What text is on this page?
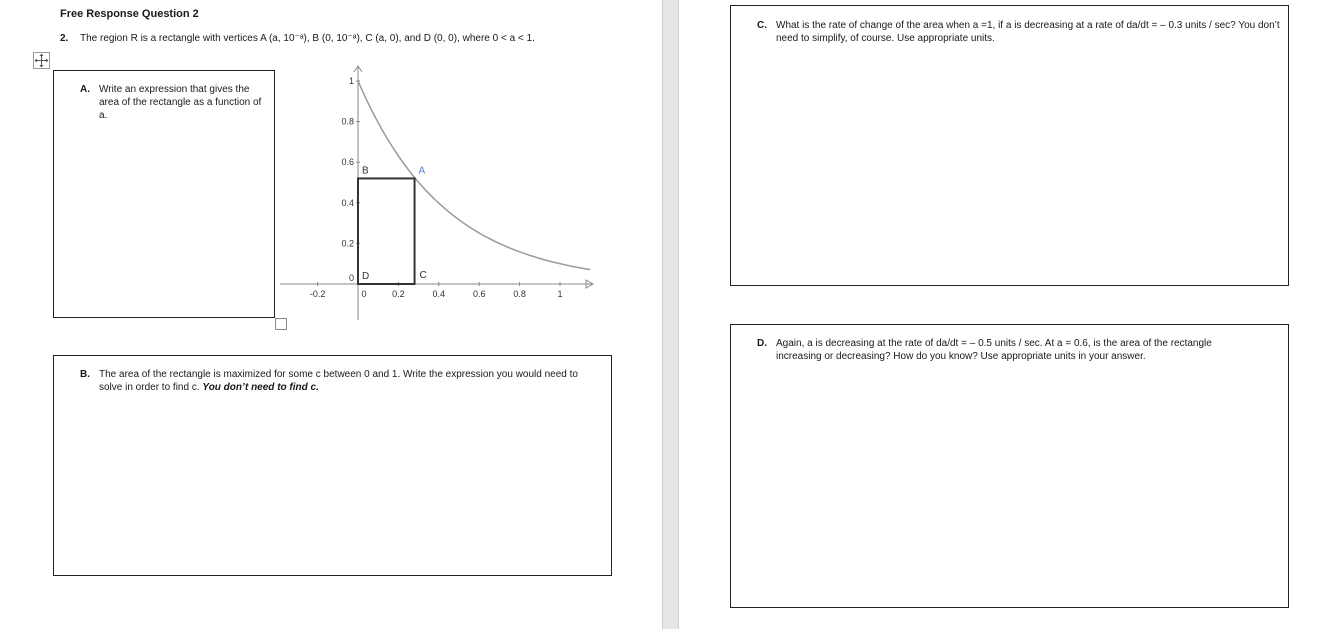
Free Response Question 2
2. The region R is a rectangle with vertices A (a, 10⁻ᵃ), B (0, 10⁻ᵃ), C (a, 0), and D (0, 0), where 0 < a < 1.
A. Write an expression that gives the area of the rectangle as a function of a.
-0.2	0	0.2	0.4	0.6	0.8	1
0.2
0.4
0.6
0.8
1
0
A
B
C
D
B. The area of the rectangle is maximized for some c between 0 and 1. Write the expression you would need to solve in order to find c. You don’t need to find c.
C. What is the rate of change of the area when a =1, if a is decreasing at a rate of da/dt = – 0.3 units / sec? You don’t need to simplify, of course. Use appropriate units.
D. Again, a is decreasing at the rate of da/dt = – 0.5 units / sec. At a = 0.6, is the area of the rectangle increasing or decreasing? How do you know? Use appropriate units in your answer.
